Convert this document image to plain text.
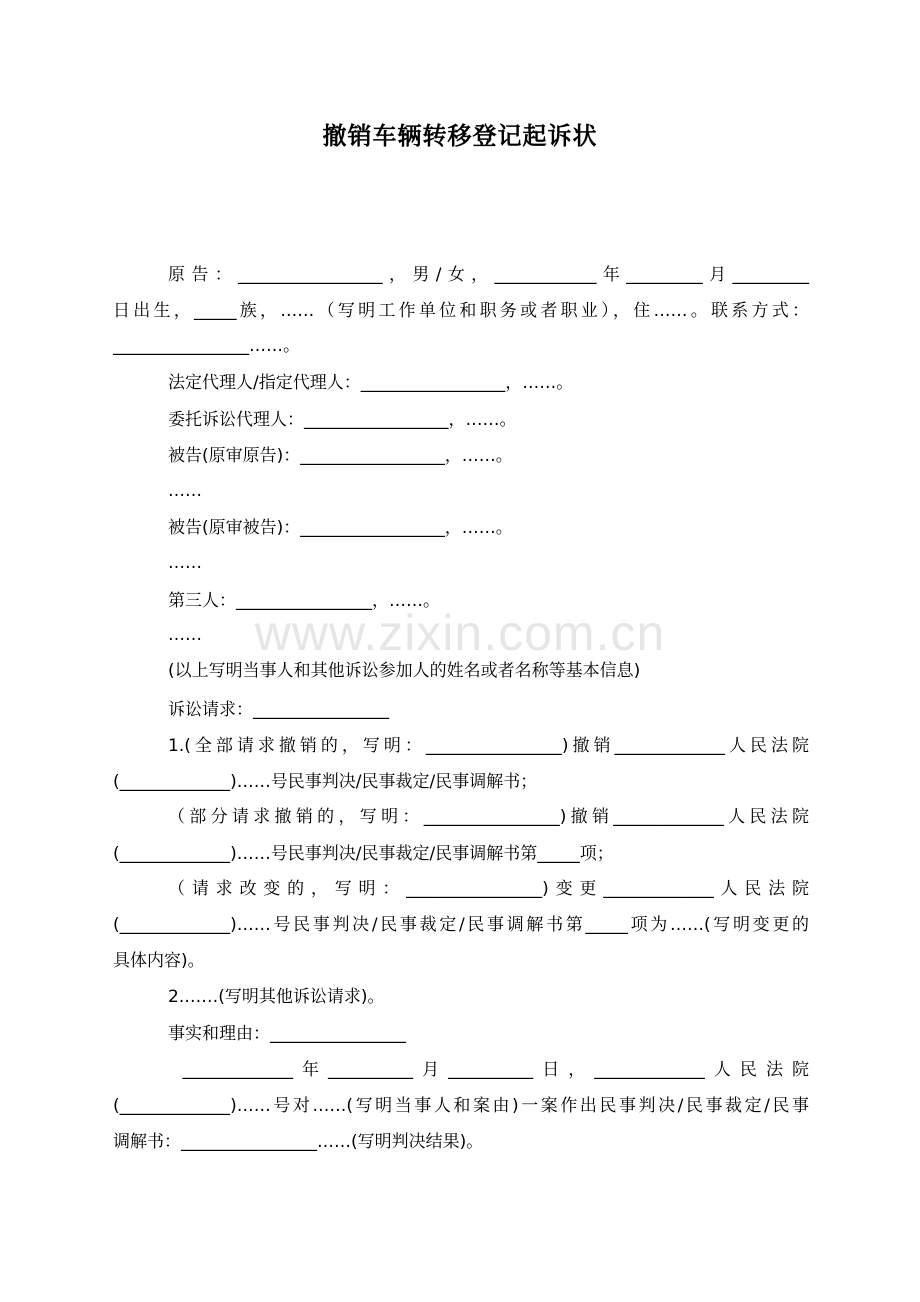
www.zixin.com.cn
撤销车辆转移登记起诉状

原告：_________________，男/女，____________年_________月_________

日出生，_____族，……（写明工作单位和职务或者职业），住……。联系方式：

________________……。

法定代理人/指定代理人：_________________，……。

委托诉讼代理人：_________________，……。

被告(原审原告)：_________________，……。

……

被告(原审被告)：_________________，……。

……

第三人：________________，……。

……

(以上写明当事人和其他诉讼参加人的姓名或者名称等基本信息)

诉讼请求：________________

1.(全部请求撤销的，写明：________________)撤销_____________人民法院

(_____________)……号民事判决/民事裁定/民事调解书；

（部分请求撤销的，写明：________________)撤销_____________人民法院

(_____________)……号民事判决/民事裁定/民事调解书第_____项；

（请求改变的，写明：________________)变更_____________人民法院

(_____________)……号民事判决/民事裁定/民事调解书第_____项为……(写明变更的

具体内容)。

2.……(写明其他诉讼请求)。

事实和理由：________________

_____________年__________月__________日，_____________人民法院

(_____________)……号对……(写明当事人和案由)一案作出民事判决/民事裁定/民事

调解书：________________……(写明判决结果)。
